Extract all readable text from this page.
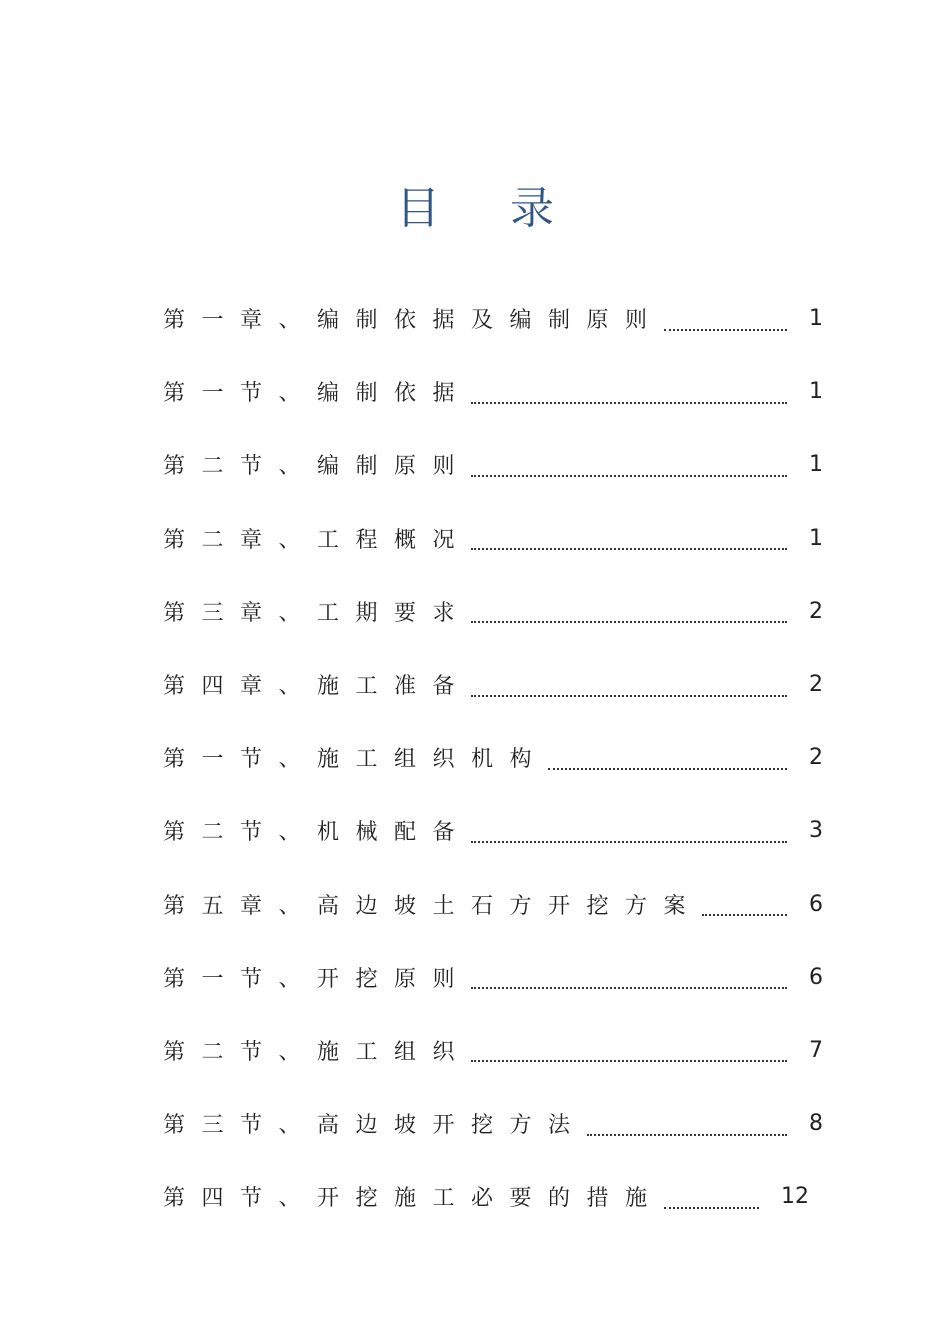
目 录
第一章、编制依据及编制原则	1
第一节、编制依据	1
第二节、编制原则	1
第二章、工程概况	1
第三章、工期要求	2
第四章、施工准备	2
第一节、施工组织机构	2
第二节、机械配备	3
第五章、高边坡土石方开挖方案	6
第一节、开挖原则	6
第二节、施工组织	7
第三节、高边坡开挖方法	8
第四节、开挖施工必要的措施	12
